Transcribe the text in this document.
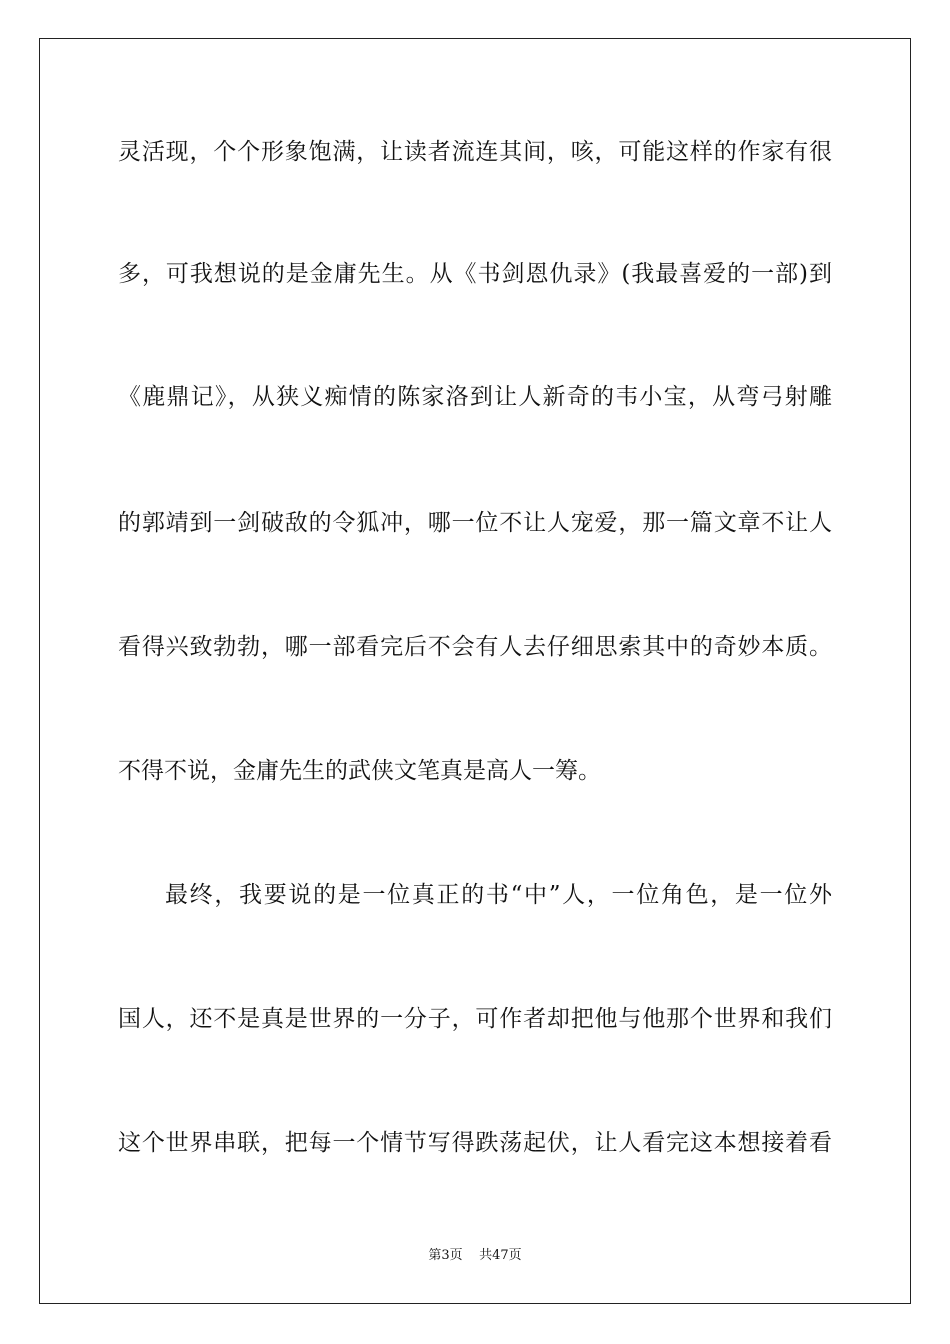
灵活现，个个形象饱满，让读者流连其间，咳，可能这样的作家有很
多，可我想说的是金庸先生。从《书剑恩仇录》(我最喜爱的一部)到
《鹿鼎记》，从狭义痴情的陈家洛到让人新奇的韦小宝，从弯弓射雕
的郭靖到一剑破敌的令狐冲，哪一位不让人宠爱，那一篇文章不让人
看得兴致勃勃，哪一部看完后不会有人去仔细思索其中的奇妙本质。
不得不说，金庸先生的武侠文笔真是高人一筹。
最终，我要说的是一位真正的书“中”人，一位角色，是一位外
国人，还不是真是世界的一分子，可作者却把他与他那个世界和我们
这个世界串联，把每一个情节写得跌荡起伏，让人看完这本想接着看
第3页 共47页
